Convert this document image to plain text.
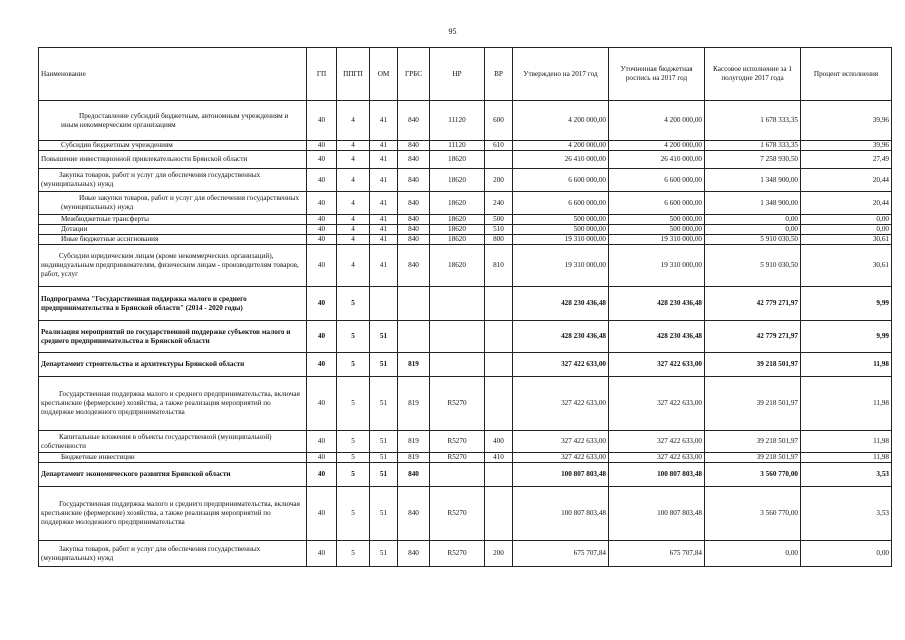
95
Наименование	ГП	ППГП	ОМ	ГРБС	НР	ВР	Утверждено на 2017 год	Уточненная бюджетная роспись на 2017 год	Кассовое исполнение за 1 полугодие 2017 года	Процент исполнения
Предоставление субсидий бюджетным, автономным учреждениям и иным некоммерческим организациям	40	4	41	840	11120	600	4 200 000,00	4 200 000,00	1 678 333,35	39,96
Субсидии бюджетным учреждениям	40	4	41	840	11120	610	4 200 000,00	4 200 000,00	1 678 333,35	39,96
Повышение инвестиционной привлекательности Брянской области	40	4	41	840	18620		26 410 000,00	26 410 000,00	7 258 930,50	27,49
Закупка товаров, работ и услуг для обеспечения государственных (муниципальных) нужд	40	4	41	840	18620	200	6 600 000,00	6 600 000,00	1 348 900,00	20,44
Иные закупки товаров, работ и услуг для обеспечения государственных (муниципальных) нужд	40	4	41	840	18620	240	6 600 000,00	6 600 000,00	1 348 900,00	20,44
Межбюджетные трансферты	40	4	41	840	18620	500	500 000,00	500 000,00	0,00	0,00
Дотации	40	4	41	840	18620	510	500 000,00	500 000,00	0,00	0,00
Иные бюджетные ассигнования	40	4	41	840	18620	800	19 310 000,00	19 310 000,00	5 910 030,50	30,61
Субсидии юридическим лицам (кроме некоммерческих организаций), индивидуальным предпринимателям, физическим лицам - производителям товаров, работ, услуг	40	4	41	840	18620	810	19 310 000,00	19 310 000,00	5 910 030,50	30,61
Подпрограмма "Государственная поддержка малого и среднего предпринимательства в Брянской области" (2014 - 2020 годы)	40	5					428 230 436,48	428 230 436,48	42 779 271,97	9,99
Реализация мероприятий по государственной поддержке субъектов малого и среднего предпринимательства в Брянской области	40	5	51				428 230 436,48	428 230 436,48	42 779 271,97	9,99
Департамент строительства и архитектуры Брянской области	40	5	51	819			327 422 633,00	327 422 633,00	39 218 501,97	11,98
Государственная поддержка малого и среднего предпринимательства, включая крестьянские (фермерские) хозяйства, а также реализация мероприятий по поддержке молодежного предпринимательства	40	5	51	819	R5270		327 422 633,00	327 422 633,00	39 218 501,97	11,98
Капитальные вложения в объекты государственной (муниципальной) собственности	40	5	51	819	R5270	400	327 422 633,00	327 422 633,00	39 218 501,97	11,98
Бюджетные инвестиции	40	5	51	819	R5270	410	327 422 633,00	327 422 633,00	39 218 501,97	11,98
Департамент экономического развития Брянской области	40	5	51	840			100 807 803,48	100 807 803,48	3 560 770,00	3,53
Государственная поддержка малого и среднего предпринимательства, включая крестьянские (фермерские) хозяйства, а также реализация мероприятий по поддержке молодежного предпринимательства	40	5	51	840	R5270		100 807 803,48	100 807 803,48	3 560 770,00	3,53
Закупка товаров, работ и услуг для обеспечения государственных (муниципальных) нужд	40	5	51	840	R5270	200	675 707,84	675 707,84	0,00	0,00
